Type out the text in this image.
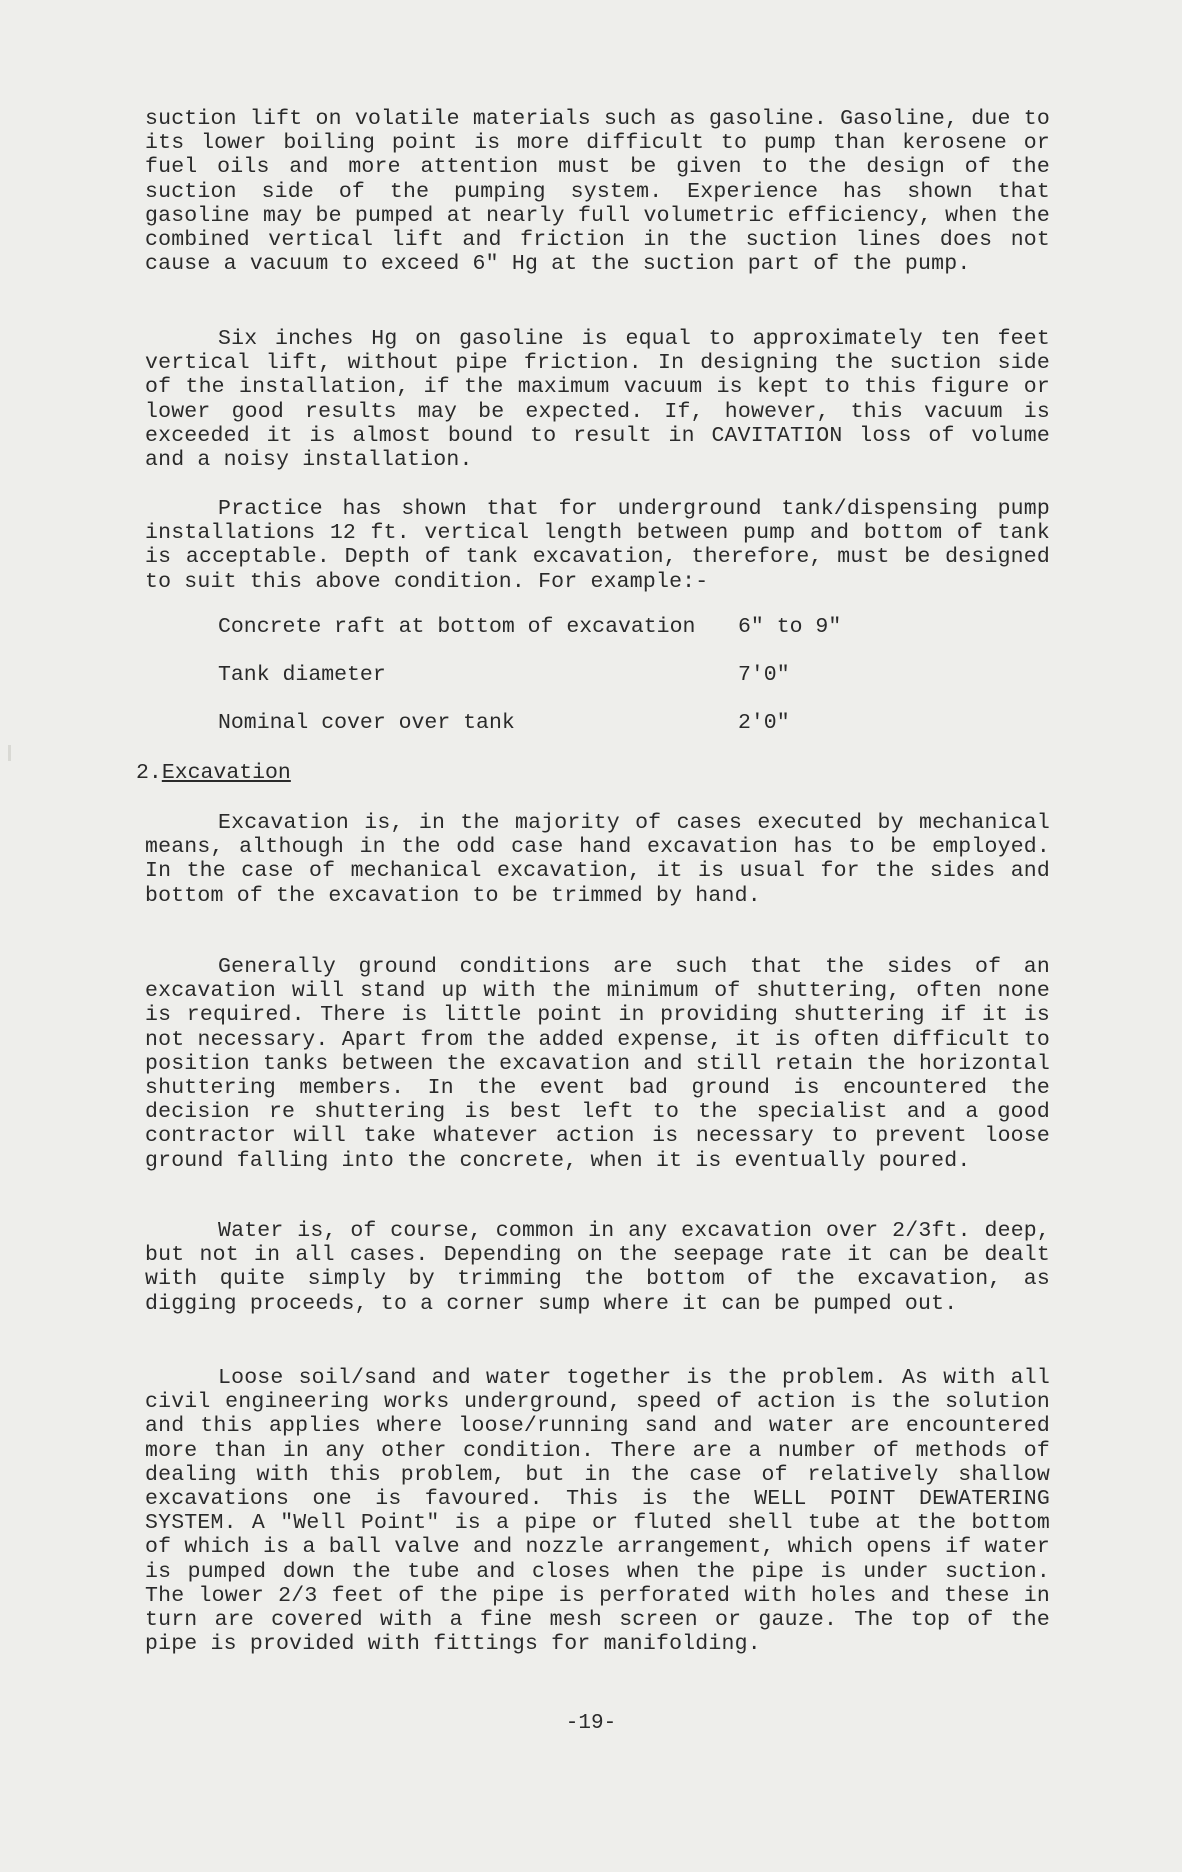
suction lift on volatile materials such as gasoline. Gasoline, due to its lower boiling point is more difficult to pump than kerosene or fuel oils and more attention must be given to the design of the suction side of the pumping system. Experience has shown that gasoline may be pumped at nearly full volumetric efficiency, when the combined vertical lift and friction in the suction lines does not cause a vacuum to exceed 6" Hg at the suction part of the pump.

Six inches Hg on gasoline is equal to approximately ten feet vertical lift, without pipe friction. In designing the suction side of the installation, if the maximum vacuum is kept to this figure or lower good results may be expected. If, however, this vacuum is exceeded it is almost bound to result in CAVITATION loss of volume and a noisy installation.

Practice has shown that for underground tank/dispensing pump installations 12 ft. vertical length between pump and bottom of tank is acceptable. Depth of tank excavation, therefore, must be designed to suit this above condition. For example:-

Concrete raft at bottom of excavation 6" to 9"
Tank diameter	7'0"
Nominal cover over tank	2'0"
2.Excavation

Excavation is, in the majority of cases executed by mechanical means, although in the odd case hand excavation has to be employed. In the case of mechanical excavation, it is usual for the sides and bottom of the excavation to be trimmed by hand.

Generally ground conditions are such that the sides of an excavation will stand up with the minimum of shuttering, often none is required. There is little point in providing shuttering if it is not necessary. Apart from the added expense, it is often difficult to position tanks between the excavation and still retain the horizontal shuttering members. In the event bad ground is encountered the decision re shuttering is best left to the specialist and a good contractor will take whatever action is necessary to prevent loose ground falling into the concrete, when it is eventually poured.

Water is, of course, common in any excavation over 2/3ft. deep, but not in all cases. Depending on the seepage rate it can be dealt with quite simply by trimming the bottom of the excavation, as digging proceeds, to a corner sump where it can be pumped out.

Loose soil/sand and water together is the problem. As with all civil engineering works underground, speed of action is the solution and this applies where loose/running sand and water are encountered more than in any other condition. There are a number of methods of dealing with this problem, but in the case of relatively shallow excavations one is favoured. This is the WELL POINT DEWATERING SYSTEM. A "Well Point" is a pipe or fluted shell tube at the bottom of which is a ball valve and nozzle arrangement, which opens if water is pumped down the tube and closes when the pipe is under suction. The lower 2/3 feet of the pipe is perforated with holes and these in turn are covered with a fine mesh screen or gauze. The top of the pipe is provided with fittings for manifolding.

-19-
